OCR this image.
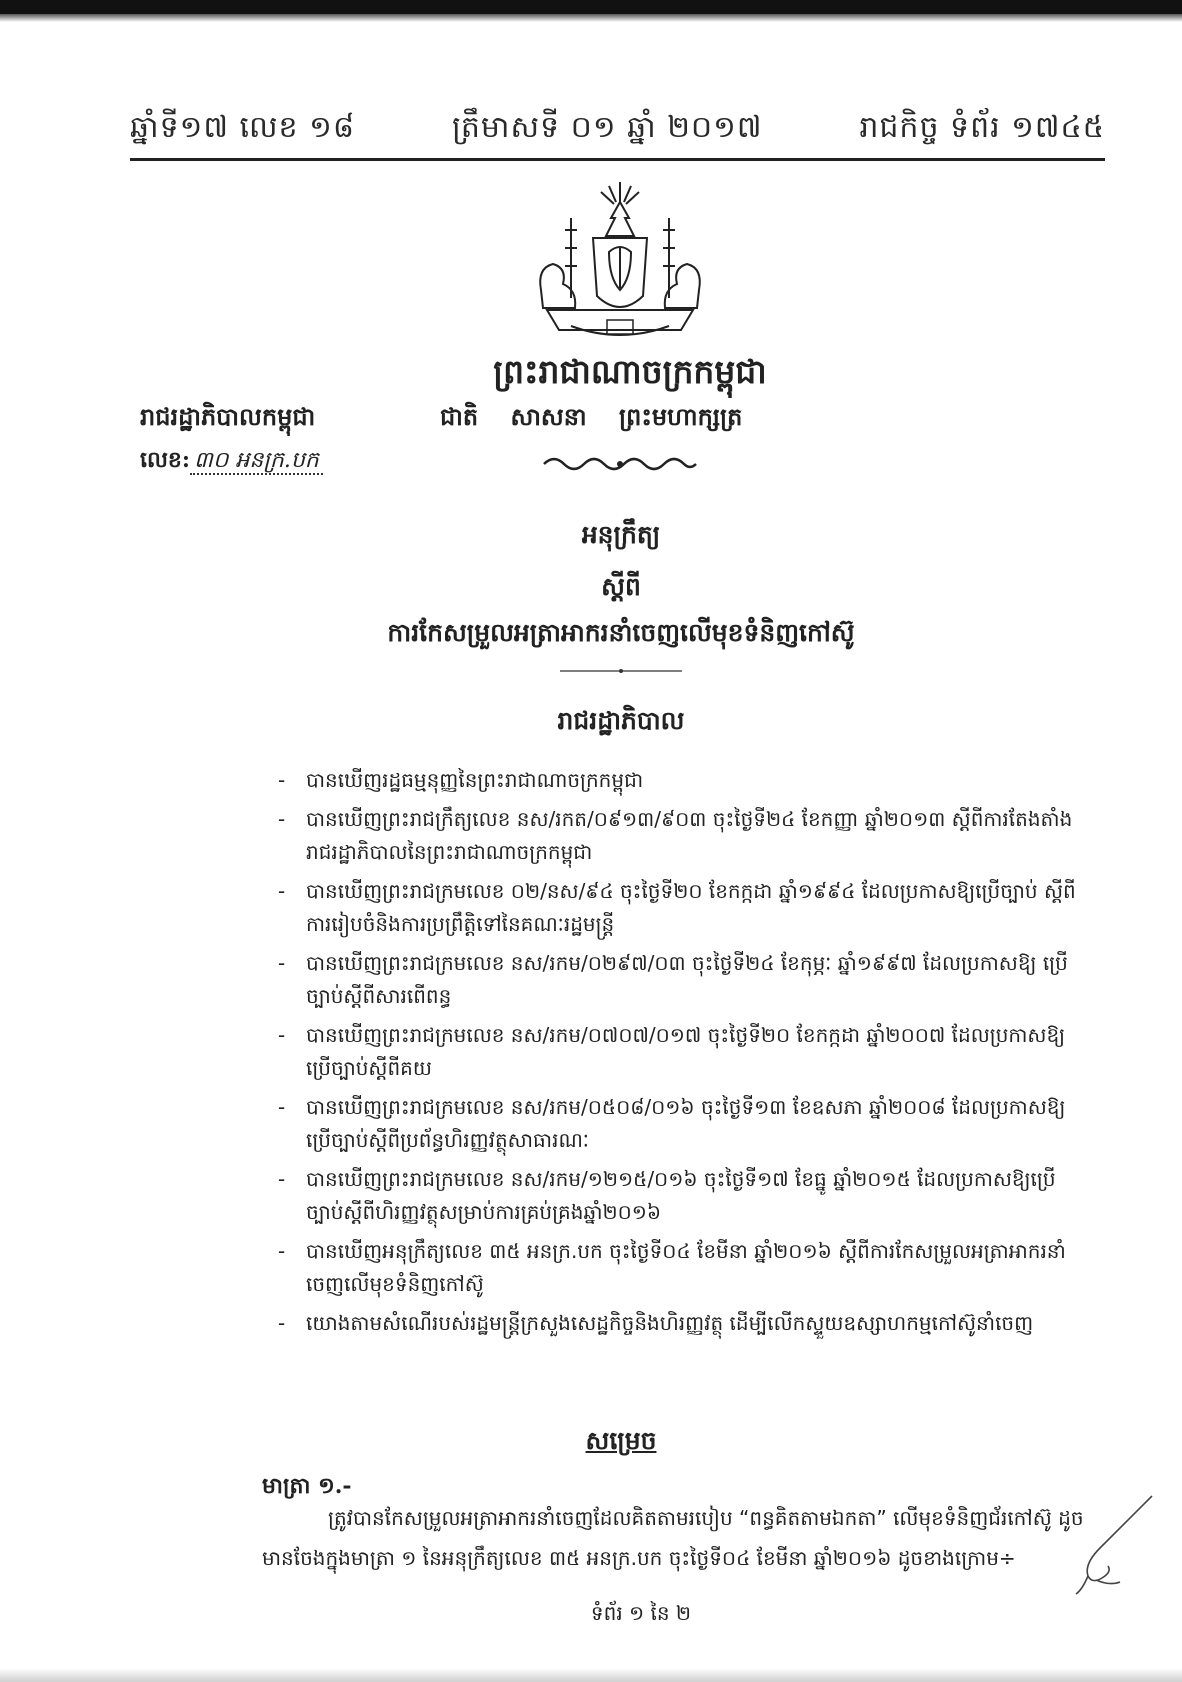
ឆ្នាំទី១៧ លេខ ១៨	ត្រឹមាសទី ០១ ឆ្នាំ ២០១៧	រាជកិច្ច ទំព័រ ១៧៤៥
ព្រះរាជាណាចក្រកម្ពុជា
រាជរដ្ឋាភិបាលកម្ពុជា	ជាតិ សាសនា ព្រះមហាក្សត្រ
លេខ: ៣០ អនក្រ.បក
អនុក្រឹត្យ
ស្តីពី
ការកែសម្រួលអត្រាអាករនាំចេញលើមុខទំនិញកៅស៊ូ
រាជរដ្ឋាភិបាល
- បានឃើញរដ្ឋធម្មនុញ្ញនៃព្រះរាជាណាចក្រកម្ពុជា
- បានឃើញព្រះរាជក្រឹត្យលេខ នស/រកត/០៩១៣/៩០៣ ចុះថ្ងៃទី២៤ ខែកញ្ញា ឆ្នាំ២០១៣ ស្តីពីការតែងតាំង រាជរដ្ឋាភិបាលនៃព្រះរាជាណាចក្រកម្ពុជា
- បានឃើញព្រះរាជក្រមលេខ ០២/នស/៩៤ ចុះថ្ងៃទី២០ ខែកក្កដា ឆ្នាំ១៩៩៤ ដែលប្រកាសឱ្យប្រើច្បាប់ ស្តីពីការរៀបចំនិងការប្រព្រឹត្តិទៅនៃគណៈរដ្ឋមន្ត្រី
- បានឃើញព្រះរាជក្រមលេខ នស/រកម/០២៩៧/០៣ ចុះថ្ងៃទី២៤ ខែកុម្ភៈ ឆ្នាំ១៩៩៧ ដែលប្រកាសឱ្យ ប្រើច្បាប់ស្តីពីសារពើពន្ធ
- បានឃើញព្រះរាជក្រមលេខ នស/រកម/០៧០៧/០១៧ ចុះថ្ងៃទី២០ ខែកក្កដា ឆ្នាំ២០០៧ ដែលប្រកាសឱ្យ ប្រើច្បាប់ស្តីពីគយ
- បានឃើញព្រះរាជក្រមលេខ នស/រកម/០៥០៨/០១៦ ចុះថ្ងៃទី១៣ ខែឧសភា ឆ្នាំ២០០៨ ដែលប្រកាសឱ្យ ប្រើច្បាប់ស្តីពីប្រព័ន្ធហិរញ្ញវត្ថុសាធារណៈ
- បានឃើញព្រះរាជក្រមលេខ នស/រកម/១២១៥/០១៦ ចុះថ្ងៃទី១៧ ខែធ្នូ ឆ្នាំ២០១៥ ដែលប្រកាសឱ្យប្រើ ច្បាប់ស្តីពីហិរញ្ញវត្ថុសម្រាប់ការគ្រប់គ្រងឆ្នាំ២០១៦
- បានឃើញអនុក្រឹត្យលេខ ៣៥ អនក្រ.បក ចុះថ្ងៃទី០៤ ខែមីនា ឆ្នាំ២០១៦ ស្តីពីការកែសម្រួលអត្រាអាករនាំ ចេញលើមុខទំនិញកៅស៊ូ
- យោងតាមសំណើរបស់រដ្ឋមន្ត្រីក្រសួងសេដ្ឋកិច្ចនិងហិរញ្ញវត្ថុ ដើម្បីលើកស្ទួយឧស្សាហកម្មកៅស៊ូនាំចេញ
សម្រេច
មាត្រា ១.-
ត្រូវបានកែសម្រួលអត្រាអាករនាំចេញដែលគិតតាមរបៀប “ពន្ធគិតតាមឯកតា” លើមុខទំនិញជ័រកៅស៊ូ ដូចមានចែងក្នុងមាត្រា ១ នៃអនុក្រឹត្យលេខ ៣៥ អនក្រ.បក ចុះថ្ងៃទី០៤ ខែមីនា ឆ្នាំ២០១៦ ដូចខាងក្រោម÷
ទំព័រ ១ នៃ ២
